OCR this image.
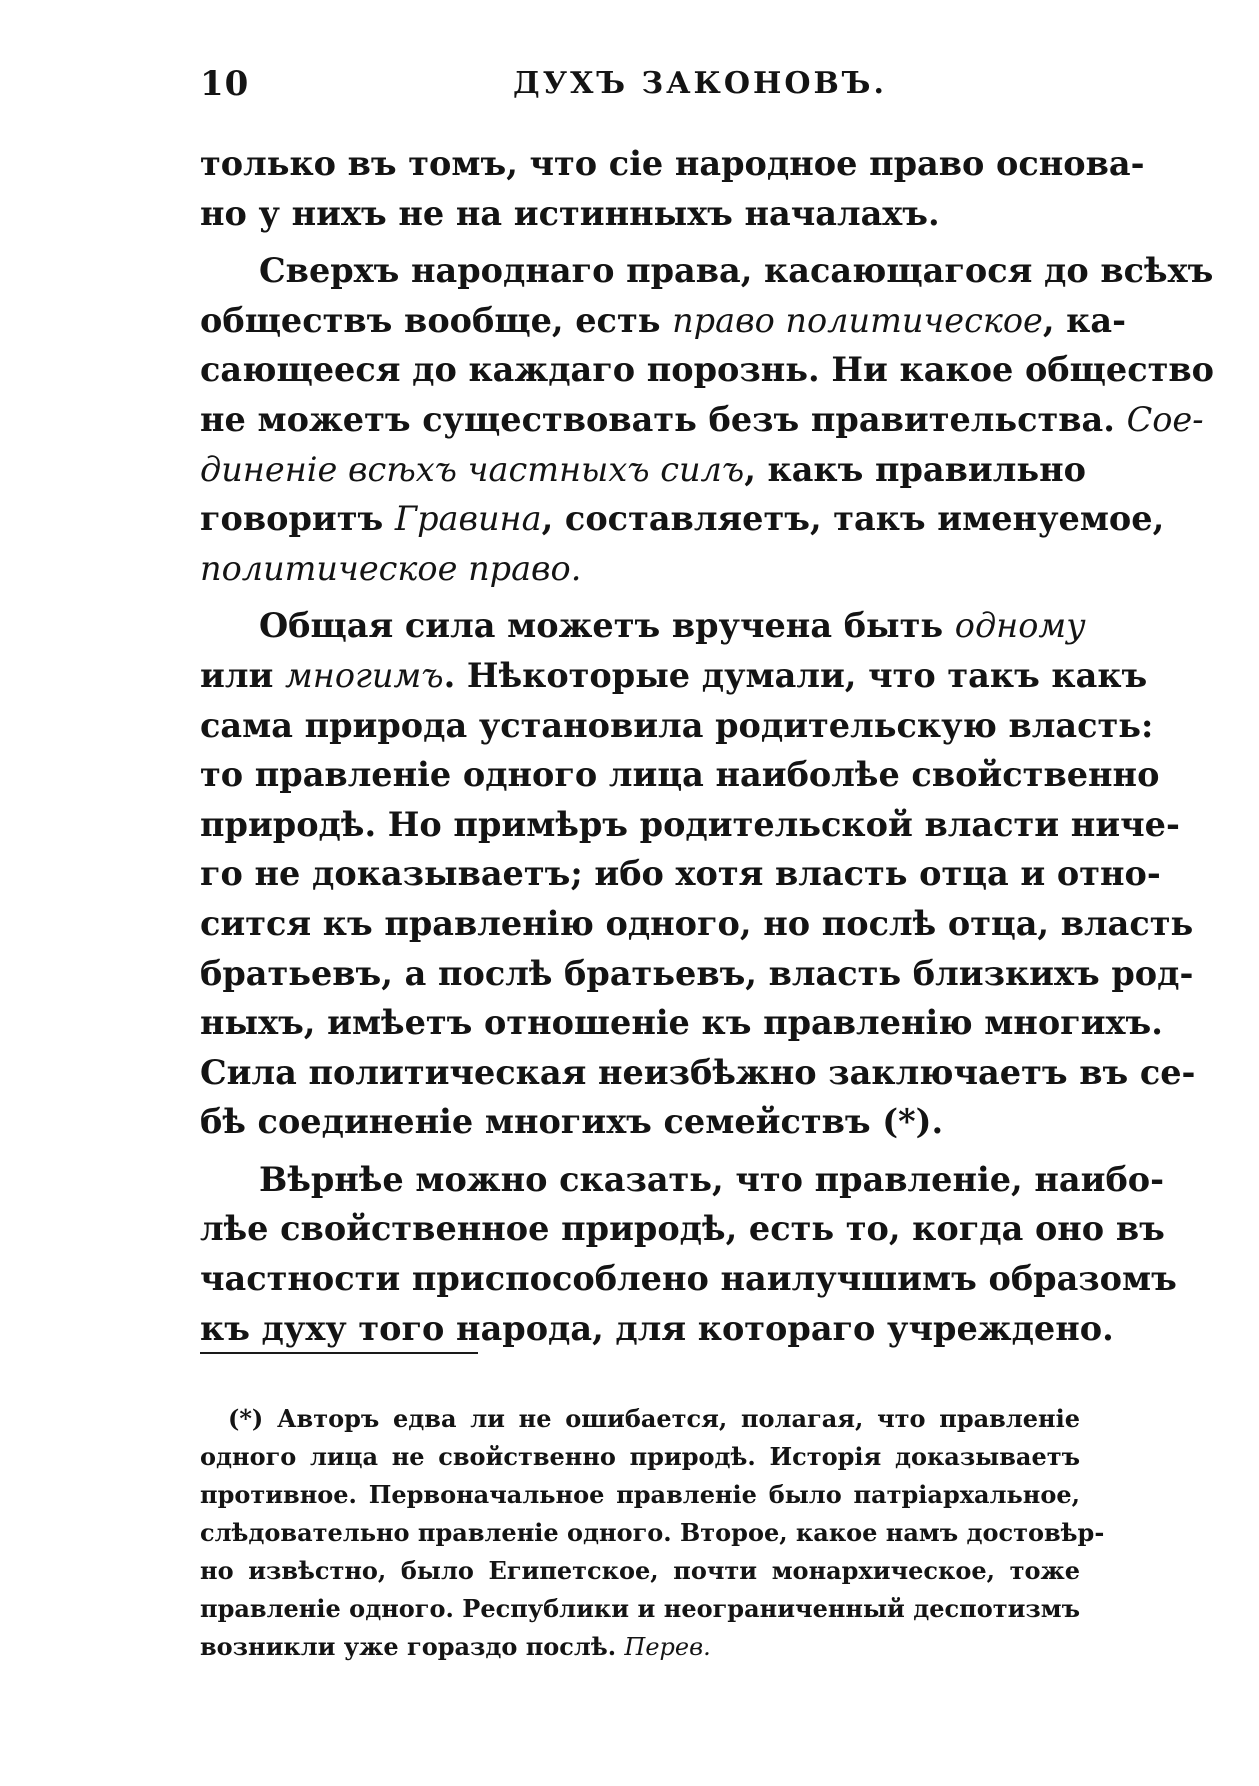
10	ДУХЪ ЗАКОНОВЪ.
только въ томъ, что сiе народное право основа-
но у нихъ не на истинныхъ началахъ.
Сверхъ народнаго права, касающагося до всѣхъ
обществъ вообще, есть право политическое, ка-
сающееся до каждаго порознь. Ни какое общество
не можетъ существовать безъ правительства. Сое-
диненiе всѣхъ частныхъ силъ, какъ правильно
говоритъ Гравина, составляетъ, такъ именуемое,
политическое право.
Общая сила можетъ вручена быть одному
или многимъ. Нѣкоторые думали, что такъ какъ
сама природа установила родительскую власть:
то правленiе одного лица наиболѣе свойственно
природѣ. Но примѣръ родительской власти ниче-
го не доказываетъ; ибо хотя власть отца и отно-
сится къ правленiю одного, но послѣ отца, власть
братьевъ, а послѣ братьевъ, власть близкихъ род-
ныхъ, имѣетъ отношенiе къ правленiю многихъ.
Сила политическая неизбѣжно заключаетъ въ се-
бѣ соединенiе многихъ семействъ (*).
Вѣрнѣе можно сказать, что правленiе, наибо-
лѣе свойственное природѣ, есть то, когда оно въ
частности приспособлено наилучшимъ образомъ
къ духу того народа, для котораго учреждено.
(*) Авторъ едва ли не ошибается, полагая, что правленiе
одного лица не свойственно природѣ. Исторiя доказываетъ
противное. Первоначальное правленiе было патрiархальное,
слѣдовательно правленiе одного. Второе, какое намъ достовѣр-
но извѣстно, было Египетское, почти монархическое, тоже
правленiе одного. Республики и неограниченный деспотизмъ
возникли уже гораздо послѣ. Перев.
